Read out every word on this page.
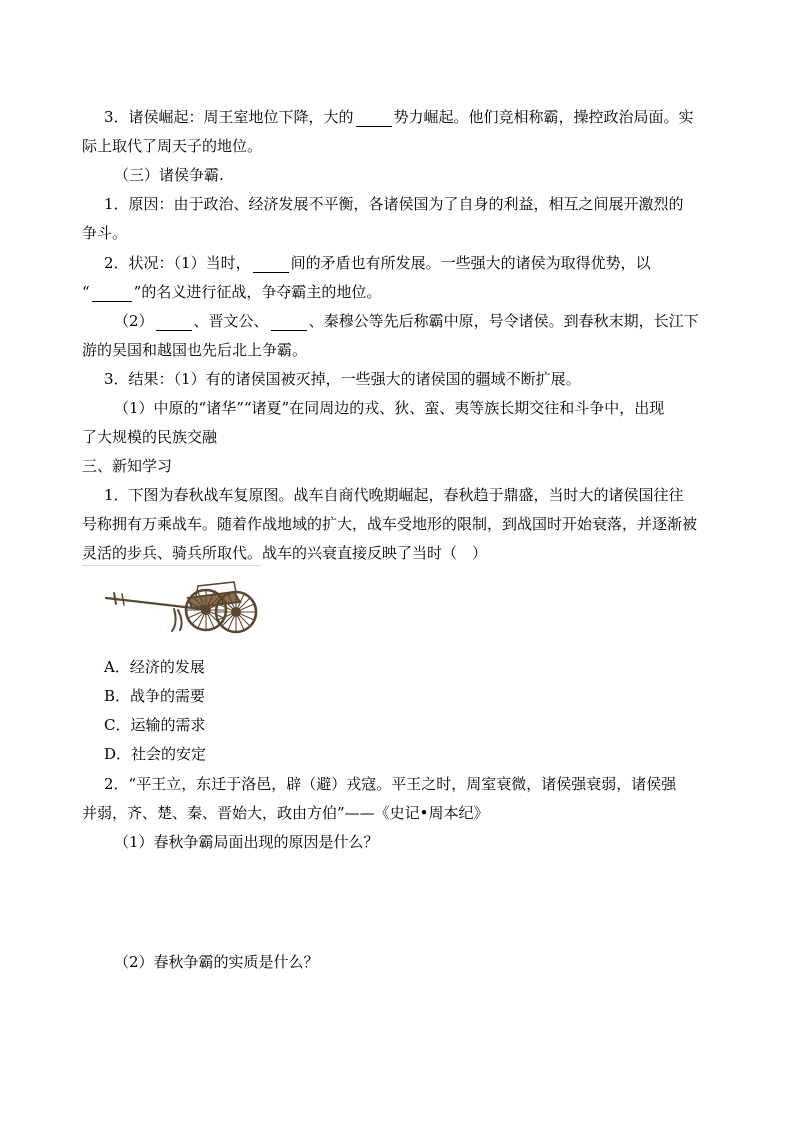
3．诸侯崛起：周王室地位下降，大的	势力崛起。他们竞相称霸，操控政治局面。实
际上取代了周天子的地位。
（三）诸侯争霸.
1．原因：由于政治、经济发展不平衡，各诸侯国为了自身的利益，相互之间展开激烈的
争斗。
2．状况：（1）当时，	间的矛盾也有所发展。一些强大的诸侯为取得优势，以
“	”的名义进行征战，争夺霸主的地位。
（2）	、晋文公、	、秦穆公等先后称霸中原，号令诸侯。到春秋末期，长江下
游的吴国和越国也先后北上争霸。
3．结果：（1）有的诸侯国被灭掉，一些强大的诸侯国的疆域不断扩展。
（1）中原的“诸华”“诸夏”在同周边的戎、狄、蛮、夷等族长期交往和斗争中，出现
了大规模的民族交融
三、新知学习
1．下图为春秋战车复原图。战车自商代晚期崛起，春秋趋于鼎盛，当时大的诸侯国往往
号称拥有万乘战车。随着作战地域的扩大，战车受地形的限制，到战国时开始衰落，并逐渐被
灵活的步兵、骑兵所取代。战车的兴衰直接反映了当时（　）
A．经济的发展
B．战争的需要
C．运输的需求
D．社会的安定
2．“平王立，东迁于洛邑，辟（避）戎寇。平王之时，周室衰微，诸侯强衰弱，诸侯强
并弱，齐、楚、秦、晋始大，政由方伯”——《史记•周本纪》
（1）春秋争霸局面出现的原因是什么？
（2）春秋争霸的实质是什么？
